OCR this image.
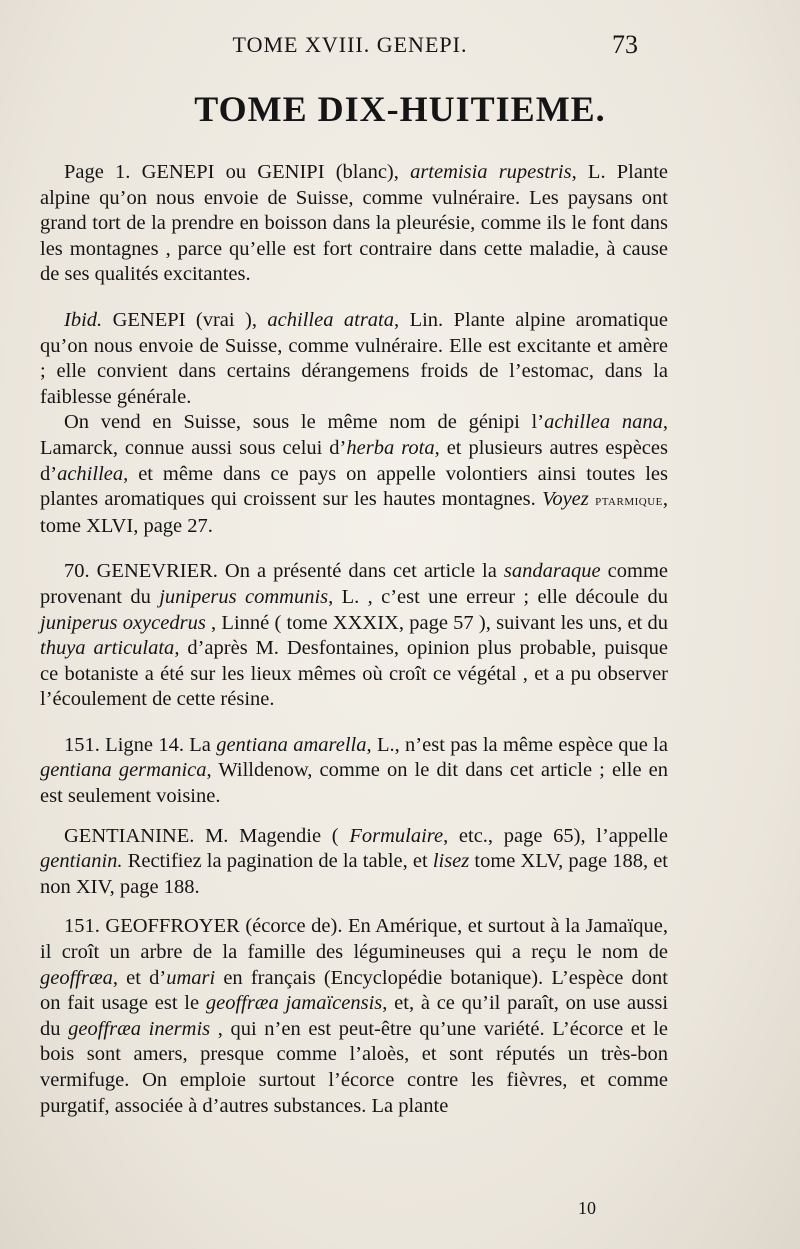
TOME XVIII. GENEPI.	73
TOME DIX-HUITIEME.

Page 1. GENEPI ou GENIPI (blanc), artemisia rupestris, L. Plante alpine qu’on nous envoie de Suisse, comme vulnéraire. Les paysans ont grand tort de la prendre en boisson dans la pleurésie, comme ils le font dans les montagnes , parce qu’elle est fort contraire dans cette maladie, à cause de ses qualités excitantes.

Ibid. GENEPI (vrai ), achillea atrata, Lin. Plante alpine aromatique qu’on nous envoie de Suisse, comme vulnéraire. Elle est excitante et amère ; elle convient dans certains dérangemens froids de l’estomac, dans la faiblesse générale.

On vend en Suisse, sous le même nom de génipi l’achillea nana, Lamarck, connue aussi sous celui d’herba rota, et plusieurs autres espèces d’achillea, et même dans ce pays on appelle volontiers ainsi toutes les plantes aromatiques qui croissent sur les hautes montagnes. Voyez ptarmique, tome XLVI, page 27.

70. GENEVRIER. On a présenté dans cet article la sandaraque comme provenant du juniperus communis, L. , c’est une erreur ; elle découle du juniperus oxycedrus , Linné ( tome XXXIX, page 57 ), suivant les uns, et du thuya articulata, d’après M. Desfontaines, opinion plus probable, puisque ce botaniste a été sur les lieux mêmes où croît ce végétal , et a pu observer l’écoulement de cette résine.

151. Ligne 14. La gentiana amarella, L., n’est pas la même espèce que la gentiana germanica, Willdenow, comme on le dit dans cet article ; elle en est seulement voisine.

GENTIANINE. M. Magendie ( Formulaire, etc., page 65), l’appelle gentianin. Rectifiez la pagination de la table, et lisez tome XLV, page 188, et non XIV, page 188.

151. GEOFFROYER (écorce de). En Amérique, et surtout à la Jamaïque, il croît un arbre de la famille des légumineuses qui a reçu le nom de geoffræa, et d’umari en français (Encyclopédie botanique). L’espèce dont on fait usage est le geoffræa jamaïcensis, et, à ce qu’il paraît, on use aussi du geoffræa inermis , qui n’en est peut-être qu’une variété. L’écorce et le bois sont amers, presque comme l’aloès, et sont réputés un très-bon vermifuge. On emploie surtout l’écorce contre les fièvres, et comme purgatif, associée à d’autres substances. La plante

10
